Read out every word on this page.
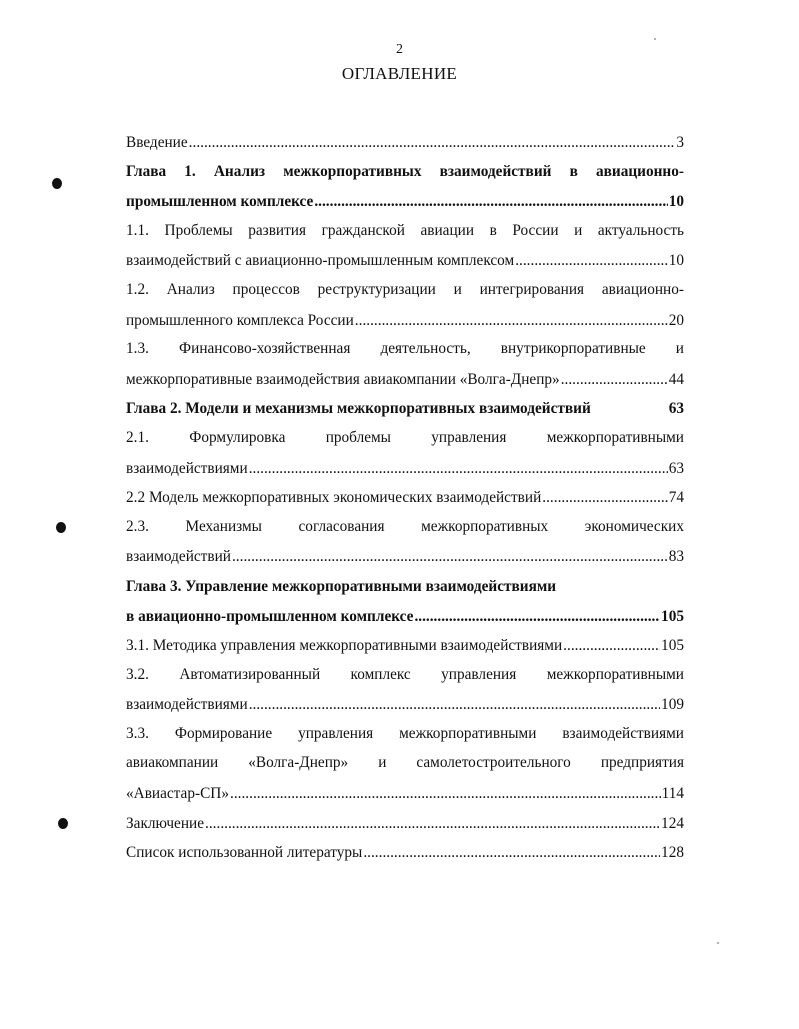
2
ОГЛАВЛЕНИЕ
Введение .....	3
Глава 1. Анализ межкорпоративных взаимодействий в авиационно-
промышленном комплексе .....	10
1.1. Проблемы развития гражданской авиации в России и актуальность
взаимодействий с авиационно-промышленным комплексом .....	10
1.2. Анализ процессов реструктуризации и интегрирования авиационно-
промышленного комплекса России .....	20
1.3. Финансово-хозяйственная деятельность, внутрикорпоративные и
межкорпоративные взаимодействия авиакомпании «Волга-Днепр» .....	44
Глава 2. Модели и механизмы межкорпоративных взаимодействий	63
2.1. Формулировка проблемы управления межкорпоративными
взаимодействиями .....	63
2.2 Модель межкорпоративных экономических взаимодействий .....	74
2.3. Механизмы согласования межкорпоративных экономических
взаимодействий .....	83
Глава 3. Управление межкорпоративными взаимодействиями
в авиационно-промышленном комплексе .....	105
3.1. Методика управления межкорпоративными взаимодействиями .....	105
3.2. Автоматизированный комплекс управления межкорпоративными
взаимодействиями .....	109
3.3. Формирование управления межкорпоративными взаимодействиями
авиакомпании «Волга-Днепр» и самолетостроительного предприятия
«Авиастар-СП» .....	114
Заключение .....	124
Список использованной литературы .....	128
